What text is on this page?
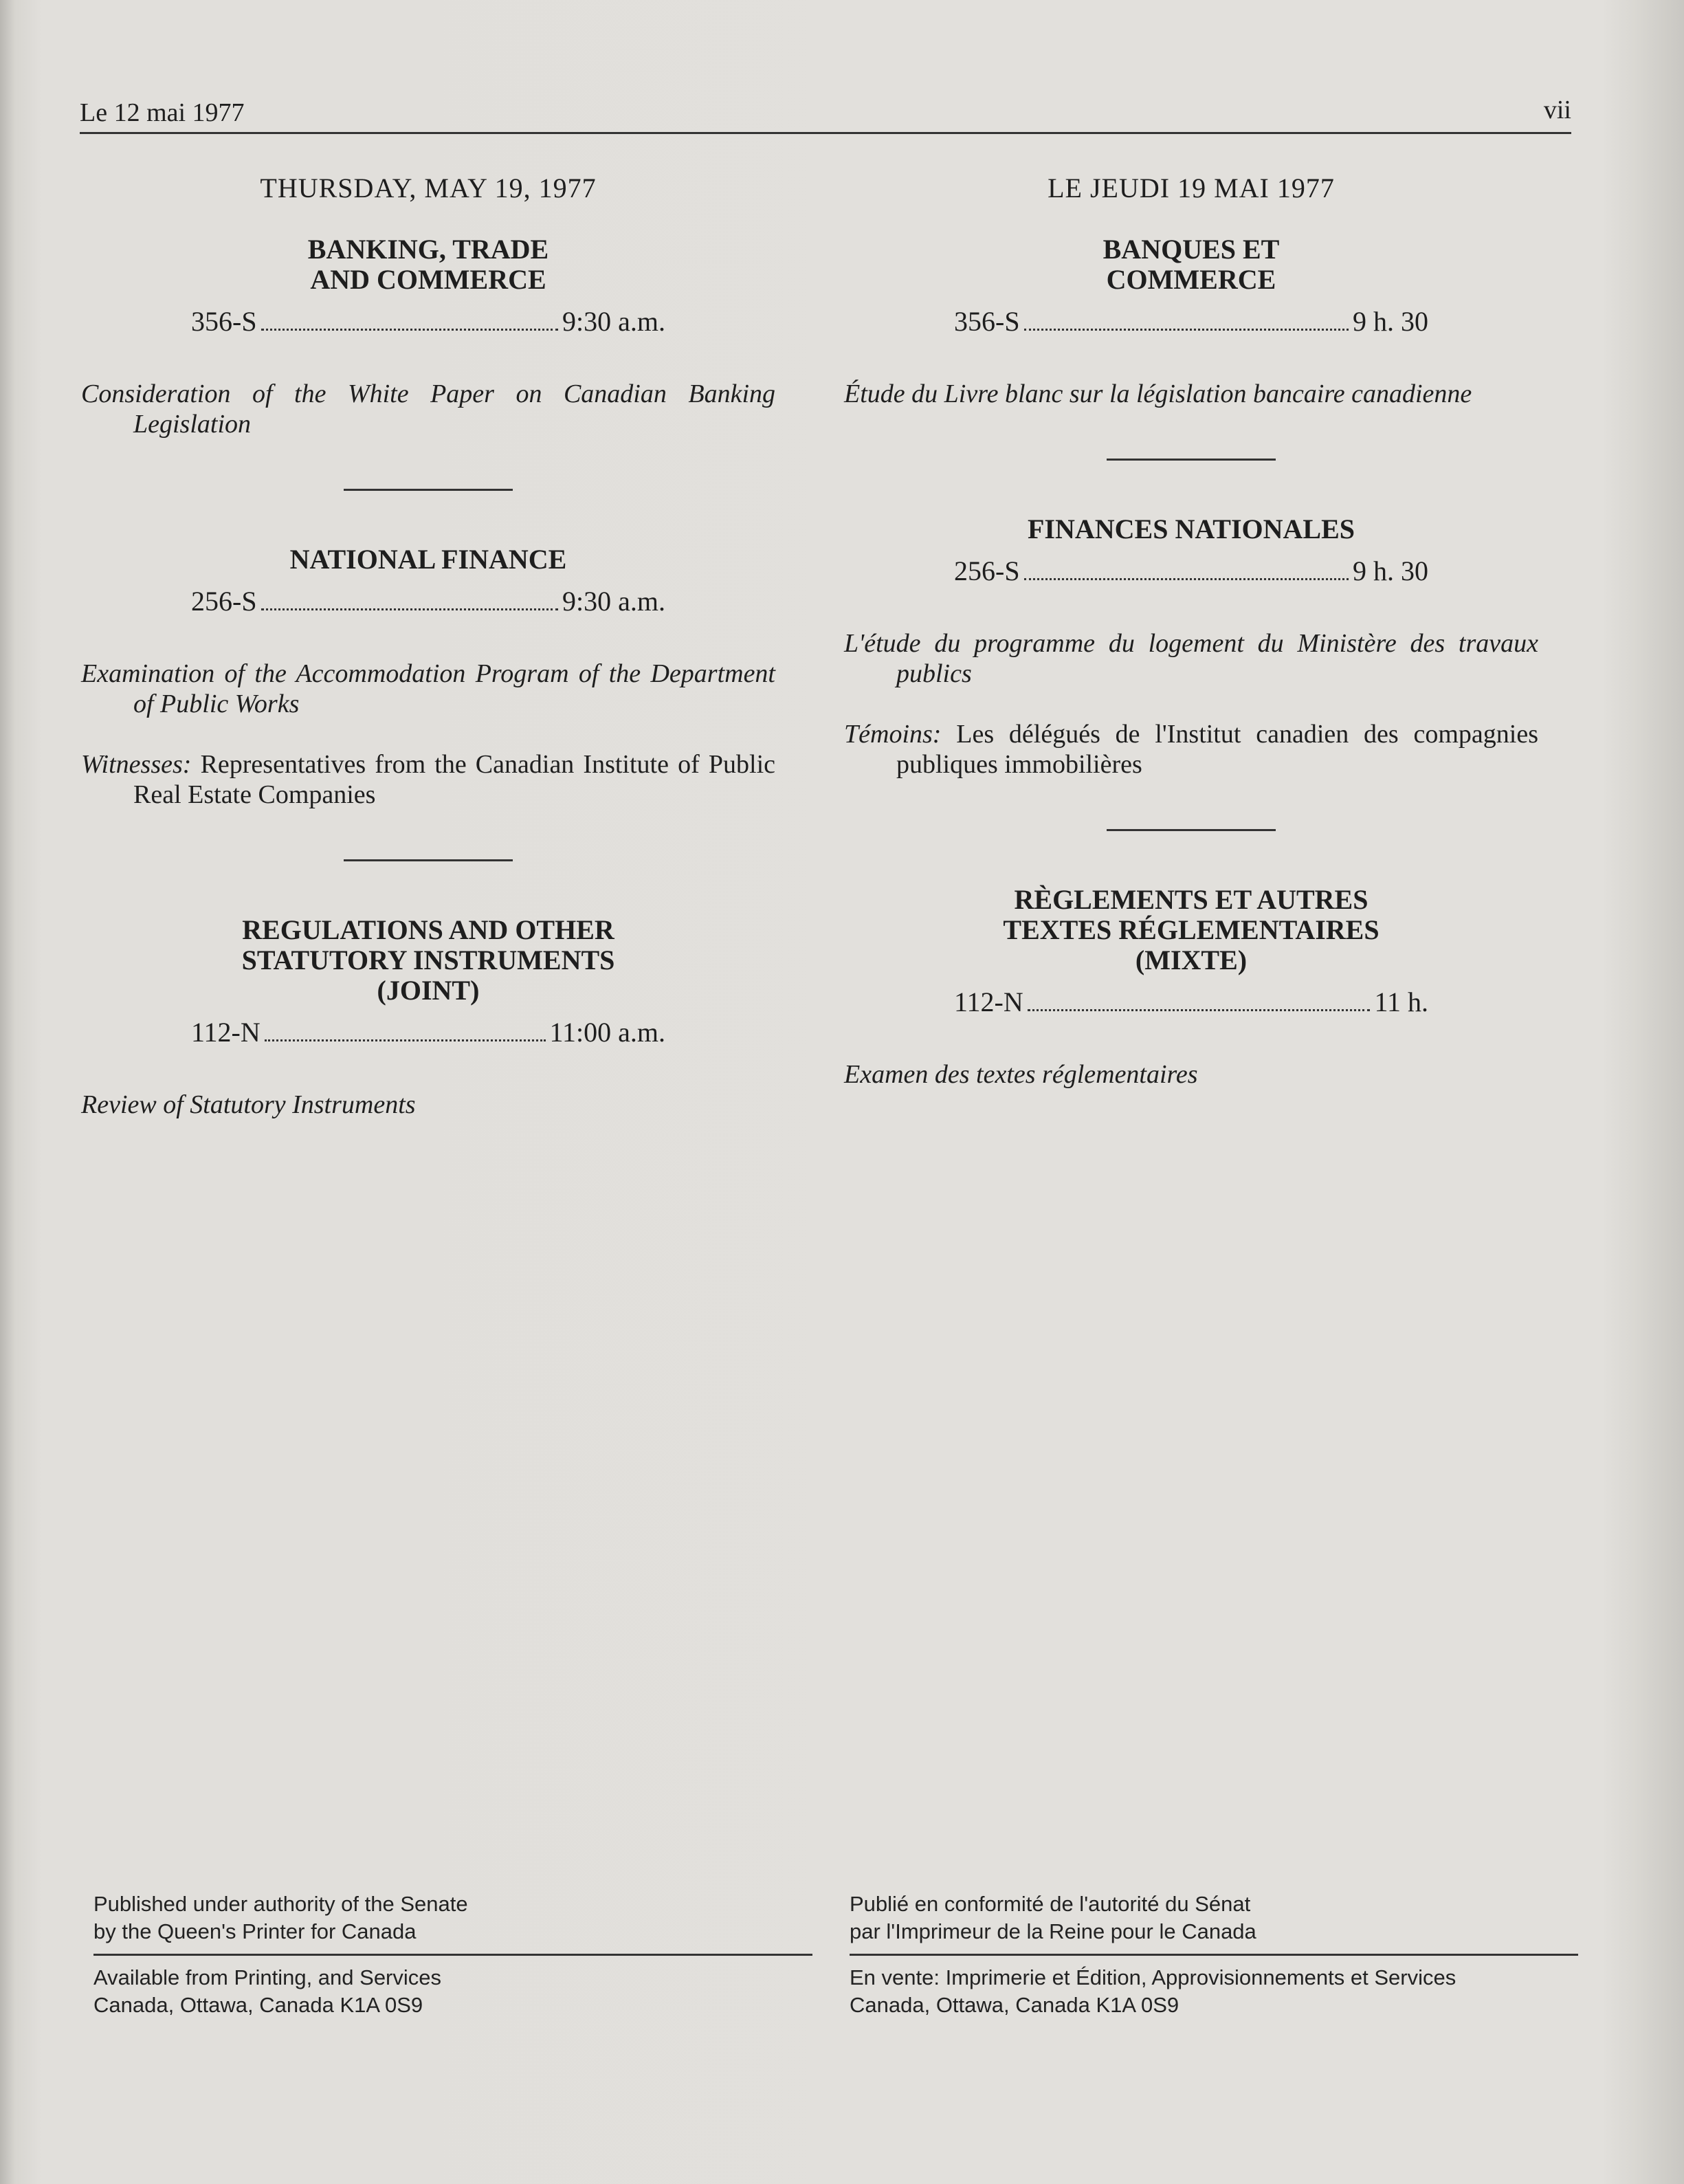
Le 12 mai 1977	vii
THURSDAY, MAY 19, 1977
BANKING, TRADE
AND COMMERCE
356-S	9:30 a.m.
Consideration of the White Paper on Canadian Banking Legislation
NATIONAL FINANCE
256-S	9:30 a.m.
Examination of the Accommodation Program of the Department of Public Works
Witnesses: Representatives from the Canadian Institute of Public Real Estate Companies
REGULATIONS AND OTHER
STATUTORY INSTRUMENTS
(JOINT)
112-N	11:00 a.m.
Review of Statutory Instruments
LE JEUDI 19 MAI 1977
BANQUES ET
COMMERCE
356-S	9 h. 30
Étude du Livre blanc sur la législation bancaire canadienne
FINANCES NATIONALES
256-S	9 h. 30
L'étude du programme du logement du Ministère des travaux publics
Témoins: Les délégués de l'Institut canadien des compagnies publiques immobilières
RÈGLEMENTS ET AUTRES
TEXTES RÉGLEMENTAIRES
(MIXTE)
112-N	11 h.
Examen des textes réglementaires
Published under authority of the Senate
by the Queen's Printer for Canada
Available from Printing, and Services
Canada, Ottawa, Canada K1A 0S9
Publié en conformité de l'autorité du Sénat
par l'Imprimeur de la Reine pour le Canada
En vente: Imprimerie et Édition, Approvisionnements et Services
Canada, Ottawa, Canada K1A 0S9
